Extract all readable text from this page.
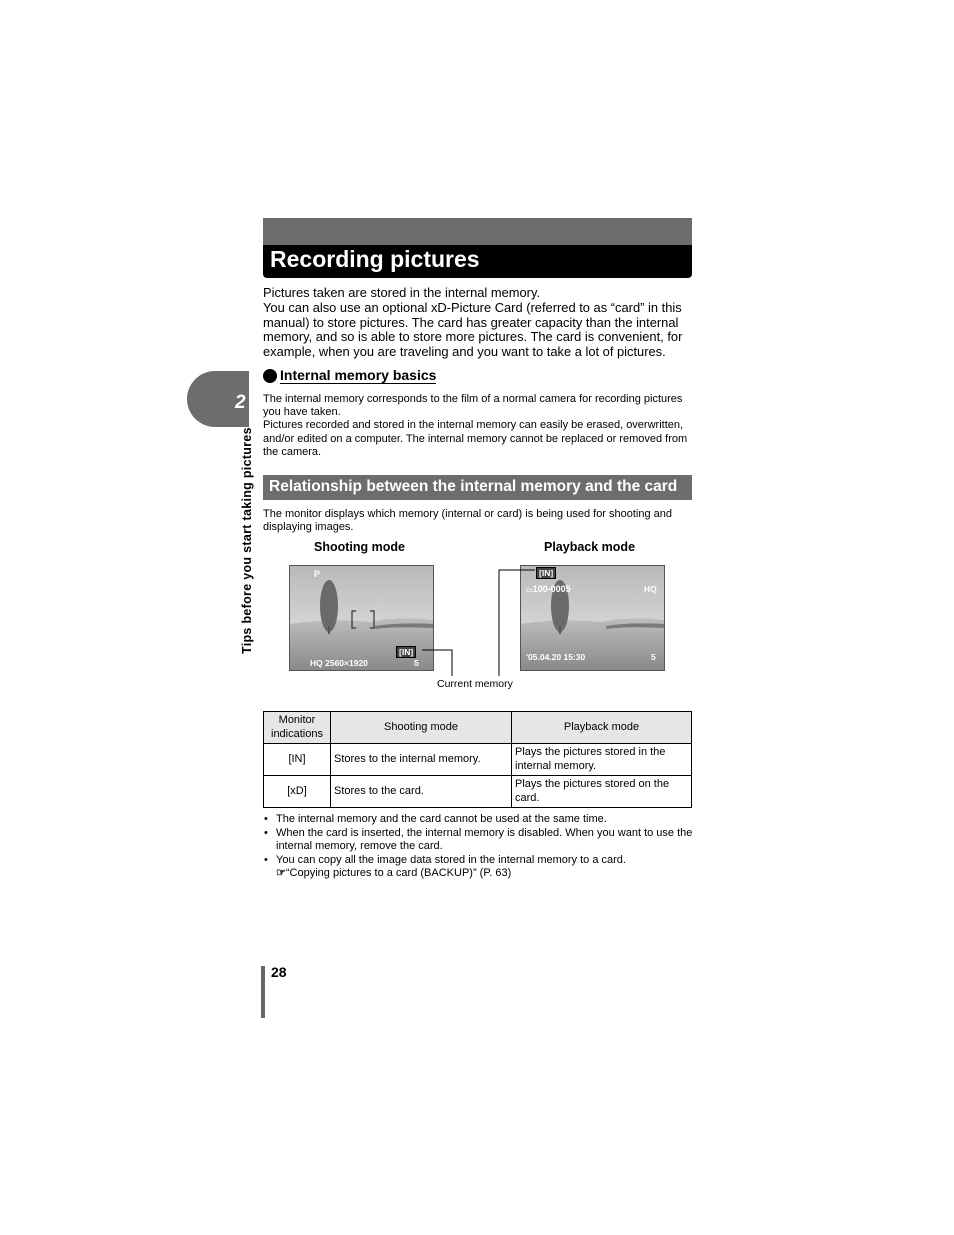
2
Tips before you start taking pictures
Recording pictures

Pictures taken are stored in the internal memory.

You can also use an optional xD-Picture Card (referred to as “card” in this manual) to store pictures. The card has greater capacity than the internal memory, and so is able to store more pictures. The card is convenient, for example, when you are traveling and you want to take a lot of pictures.

Internal memory basics

The internal memory corresponds to the film of a normal camera for recording pictures you have taken.

Pictures recorded and stored in the internal memory can easily be erased, overwritten, and/or edited on a computer. The internal memory cannot be replaced or removed from the camera.

Relationship between the internal memory and the card
The monitor displays which memory (internal or card) is being used for shooting and displaying images.
Shooting mode	Playback mode
P
HQ 2560×1920
[IN]
5
[IN]
▭100-0005	HQ
'05.04.20 15:30	5
Current memory
Monitor indications	Shooting mode	Playback mode
[IN]	Stores to the internal memory.	Plays the pictures stored in the internal memory.
[xD]	Stores to the card.	Plays the pictures stored on the card.
• The internal memory and the card cannot be used at the same time.
• When the card is inserted, the internal memory is disabled. When you want to use the internal memory, remove the card.
• You can copy all the image data stored in the internal memory to a card.
☞“Copying pictures to a card (BACKUP)” (P. 63)
28
